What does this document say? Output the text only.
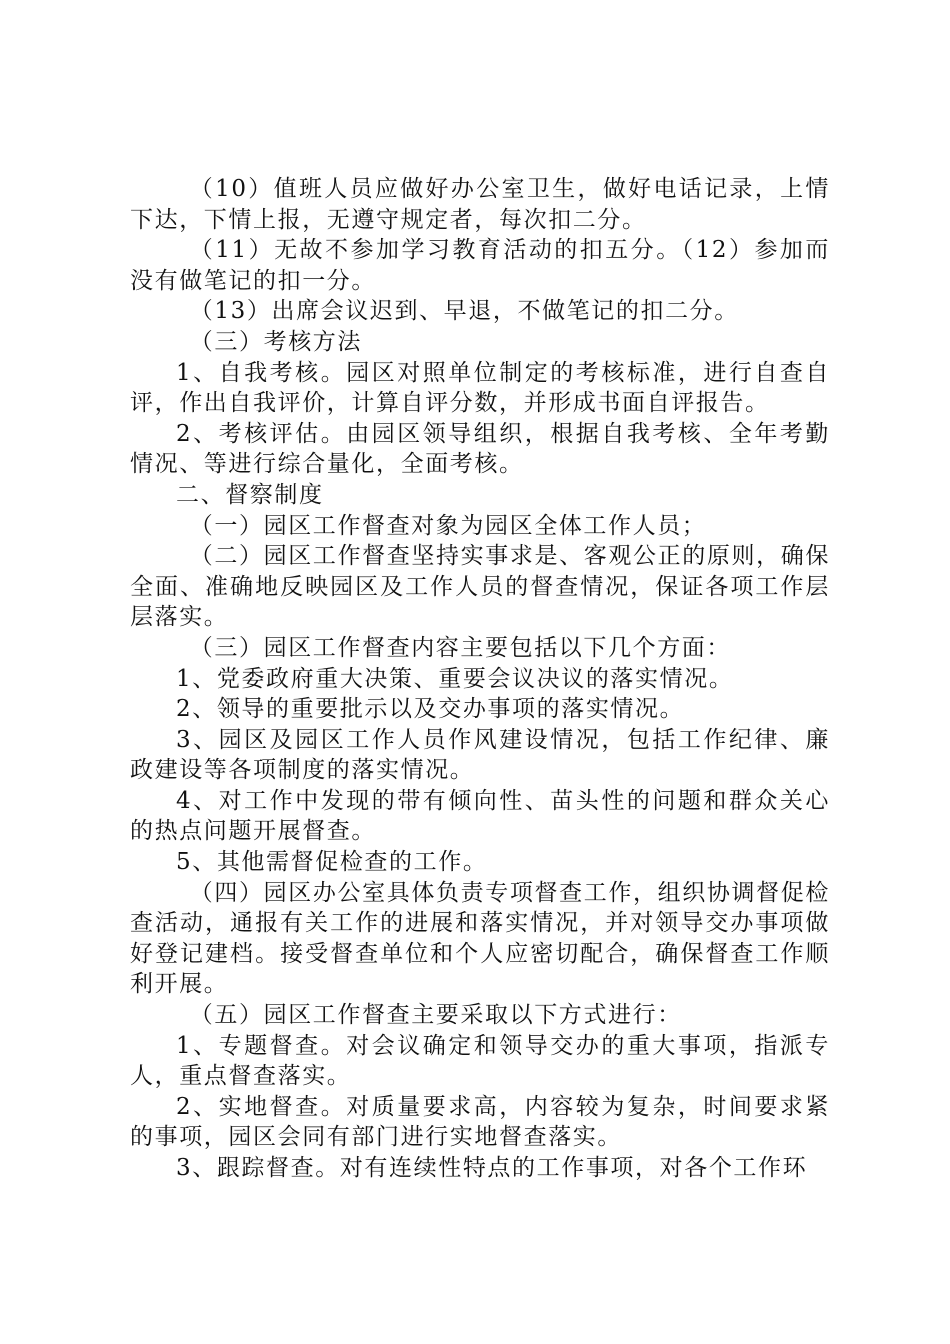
（10）值班人员应做好办公室卫生，做好电话记录，上情下达，下情上报，无遵守规定者，每次扣二分。

（11）无故不参加学习教育活动的扣五分。（12）参加而没有做笔记的扣一分。

（13）出席会议迟到、早退，不做笔记的扣二分。

（三）考核方法

1、自我考核。园区对照单位制定的考核标准，进行自查自评，作出自我评价，计算自评分数，并形成书面自评报告。

2、考核评估。由园区领导组织，根据自我考核、全年考勤情况、等进行综合量化，全面考核。

二、督察制度

（一）园区工作督查对象为园区全体工作人员；

（二）园区工作督查坚持实事求是、客观公正的原则，确保全面、准确地反映园区及工作人员的督查情况，保证各项工作层层落实。

（三）园区工作督查内容主要包括以下几个方面：

1、党委政府重大决策、重要会议决议的落实情况。

2、领导的重要批示以及交办事项的落实情况。

3、园区及园区工作人员作风建设情况，包括工作纪律、廉政建设等各项制度的落实情况。

4、对工作中发现的带有倾向性、苗头性的问题和群众关心的热点问题开展督查。

5、其他需督促检查的工作。

（四）园区办公室具体负责专项督查工作，组织协调督促检查活动，通报有关工作的进展和落实情况，并对领导交办事项做好登记建档。接受督查单位和个人应密切配合，确保督查工作顺利开展。

（五）园区工作督查主要采取以下方式进行：

1、专题督查。对会议确定和领导交办的重大事项，指派专人，重点督查落实。

2、实地督查。对质量要求高，内容较为复杂，时间要求紧的事项，园区会同有部门进行实地督查落实。

3、跟踪督查。对有连续性特点的工作事项，对各个工作环
